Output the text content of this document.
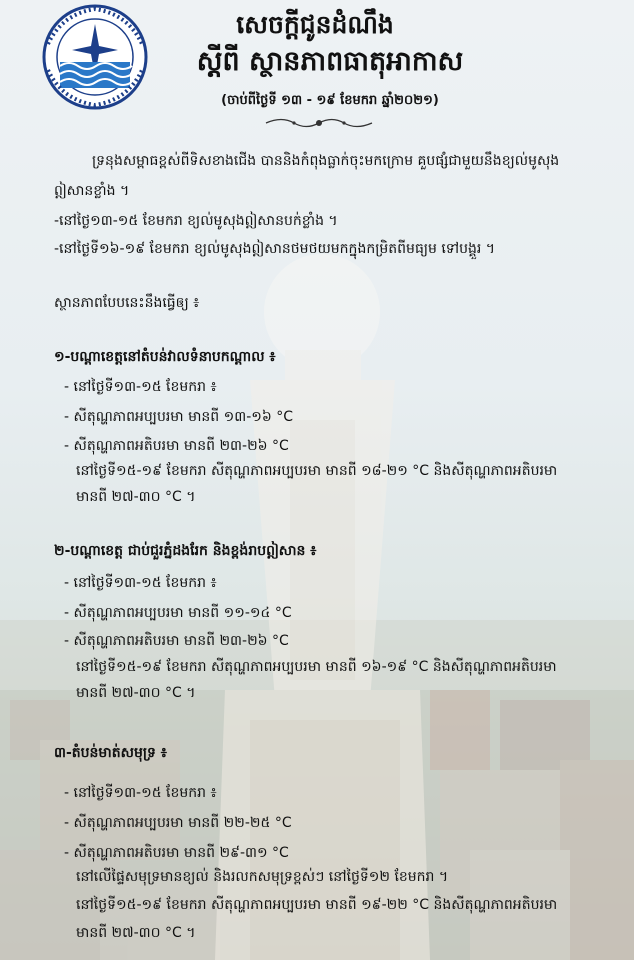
សេចក្តីជូនដំណឹង
ស្តីពី ស្ថានភាពធាតុអាកាស
(ចាប់ពីថ្ងៃទី ១៣ - ១៩ ខែមករា ឆ្នាំ២០២១)
ទ្រនុងសម្ពាធខ្ពស់ពីទិសខាងជើង បាននិងកំពុងធ្លាក់ចុះមកក្រោម គួបផ្សំជាមួយនឹងខ្យល់មូសុង
ឦសានខ្លាំង ។
-នៅថ្ងៃ១៣-១៥ ខែមករា ខ្យល់មូសុងឦសានបក់ខ្លាំង ។
-នៅថ្ងៃទី១៦-១៩ ខែមករា ខ្យល់មូសុងឦសានថមថយមកក្នុងកម្រិតពីមធ្យម ទៅបង្គួរ ។
ស្ថានភាពបែបនេះនឹងធ្វើឲ្យ ៖
១-បណ្តាខេត្តនៅតំបន់វាលទំនាបកណ្តាល ៖
- នៅថ្ងៃទី១៣-១៥ ខែមករា ៖
- សីតុណ្ហភាពអប្បបរមា មានពី ១៣-១៦ °C
- សីតុណ្ហភាពអតិបរមា មានពី ២៣-២៦ °C
នៅថ្ងៃទី១៥-១៩ ខែមករា សីតុណ្ហភាពអប្បបរមា មានពី ១៨-២១ °C និងសីតុណ្ហភាពអតិបរមា
មានពី ២៧-៣០ °C ។
២-បណ្តាខេត្ត ជាប់ជួរភ្នំដងរែក និងខ្ពង់រាបឦសាន ៖
- នៅថ្ងៃទី១៣-១៥ ខែមករា ៖
- សីតុណ្ហភាពអប្បបរមា មានពី ១១-១៤ °C
- សីតុណ្ហភាពអតិបរមា មានពី ២៣-២៦ °C
នៅថ្ងៃទី១៥-១៩ ខែមករា សីតុណ្ហភាពអប្បបរមា មានពី ១៦-១៩ °C និងសីតុណ្ហភាពអតិបរមា
មានពី ២៧-៣០ °C ។
៣-តំបន់មាត់សមុទ្រ ៖
- នៅថ្ងៃទី១៣-១៥ ខែមករា ៖
- សីតុណ្ហភាពអប្បបរមា មានពី ២២-២៥ °C
- សីតុណ្ហភាពអតិបរមា មានពី ២៩-៣១ °C
នៅលើផ្ទៃសមុទ្រមានខ្យល់ និងរលកសមុទ្រខ្ពស់ៗ នៅថ្ងៃទី១២ ខែមករា ។
នៅថ្ងៃទី១៥-១៩ ខែមករា សីតុណ្ហភាពអប្បបរមា មានពី ១៩-២២ °C និងសីតុណ្ហភាពអតិបរមា
មានពី ២៧-៣០ °C ។
